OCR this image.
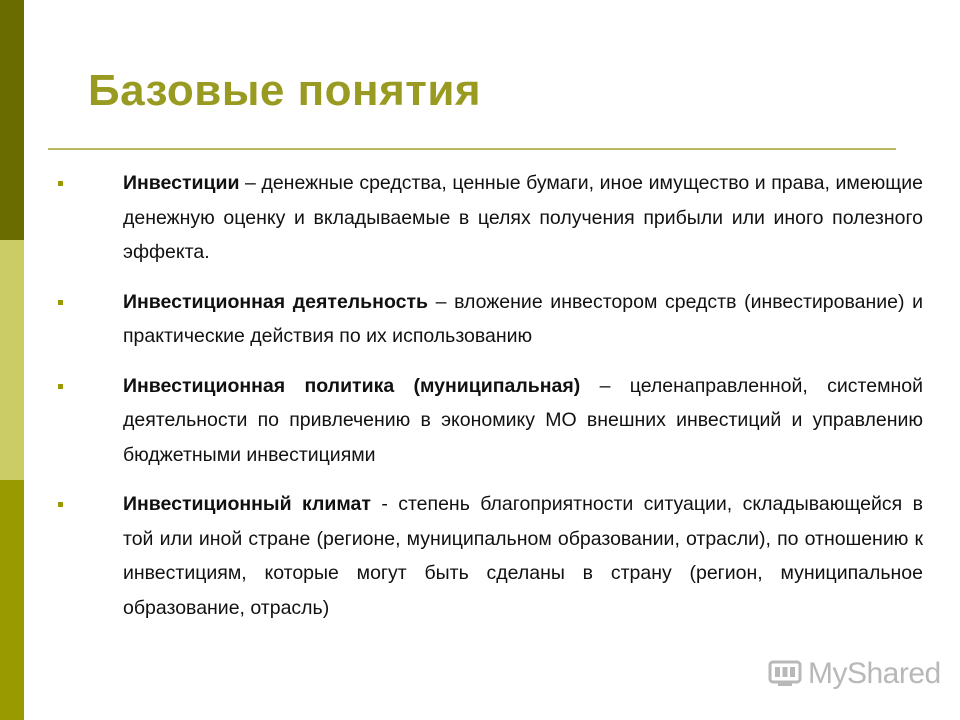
Базовые понятия
Инвестиции – денежные средства, ценные бумаги, иное имущество и права, имеющие денежную оценку и вкладываемые в целях получения прибыли или иного полезного эффекта.
Инвестиционная деятельность – вложение инвестором средств (инвестирование) и практические действия по их использованию
Инвестиционная политика (муниципальная) – целенаправленной, системной деятельности по привлечению в экономику МО внешних инвестиций и управлению бюджетными инвестициями
Инвестиционный климат - степень благоприятности ситуации, складывающейся в той или иной стране (регионе, муниципальном образовании, отрасли), по отношению к инвестициям, которые могут быть сделаны в страну (регион, муниципальное образование, отрасль)
MyShared
